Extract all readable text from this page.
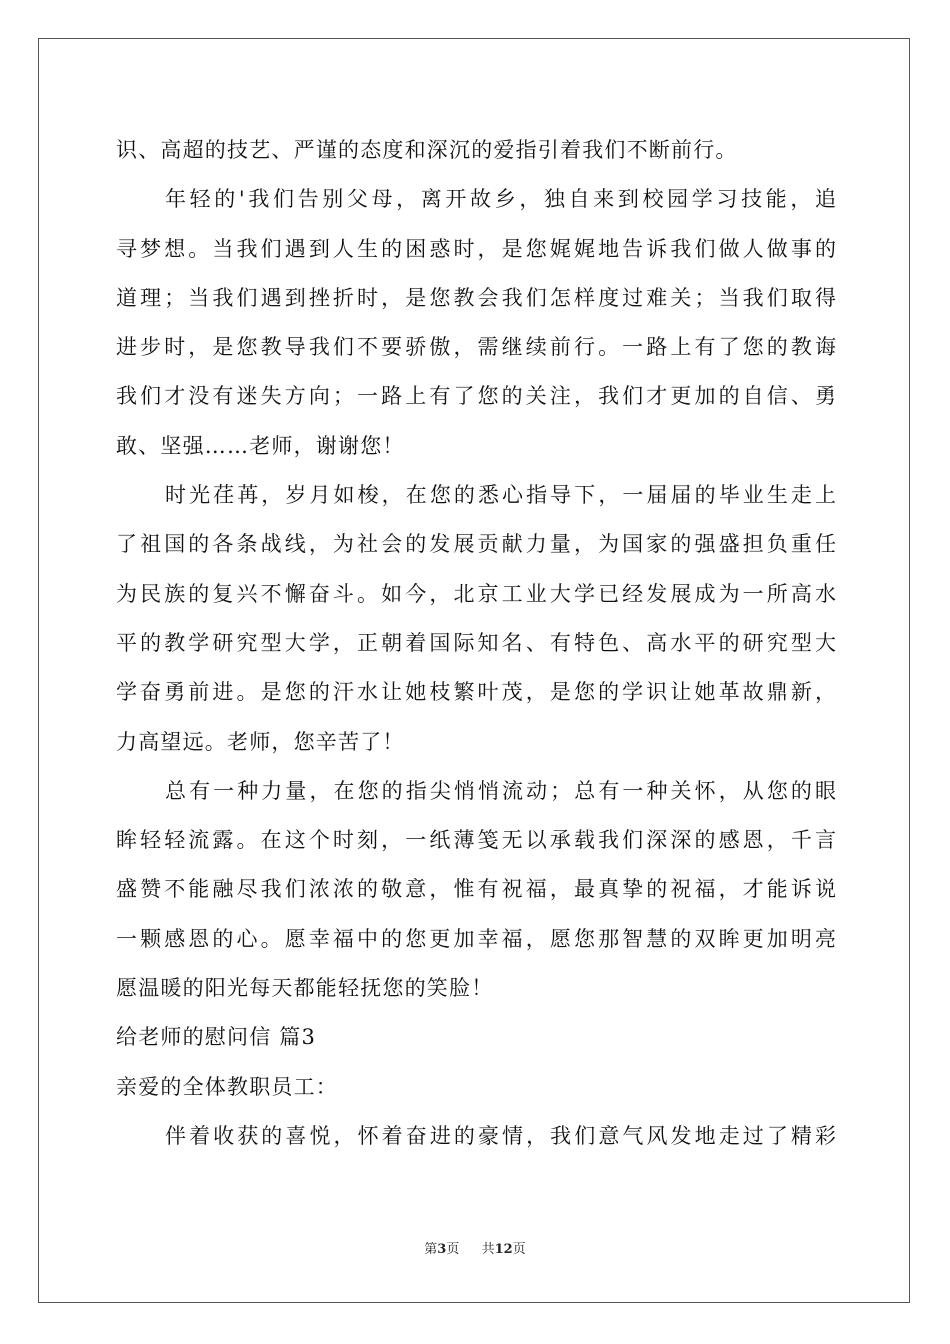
识、高超的技艺、严谨的态度和深沉的爱指引着我们不断前行。
年轻的'我们告别父母，离开故乡，独自来到校园学习技能，追
寻梦想。当我们遇到人生的困惑时，是您娓娓地告诉我们做人做事的
道理；当我们遇到挫折时，是您教会我们怎样度过难关；当我们取得
进步时，是您教导我们不要骄傲，需继续前行。一路上有了您的教诲
我们才没有迷失方向；一路上有了您的关注，我们才更加的自信、勇
敢、坚强……老师，谢谢您！
时光荏苒，岁月如梭，在您的悉心指导下，一届届的毕业生走上
了祖国的各条战线，为社会的发展贡献力量，为国家的强盛担负重任
为民族的复兴不懈奋斗。如今，北京工业大学已经发展成为一所高水
平的教学研究型大学，正朝着国际知名、有特色、高水平的研究型大
学奋勇前进。是您的汗水让她枝繁叶茂，是您的学识让她革故鼎新，
力高望远。老师，您辛苦了！
总有一种力量，在您的指尖悄悄流动；总有一种关怀，从您的眼
眸轻轻流露。在这个时刻，一纸薄笺无以承载我们深深的感恩，千言
盛赞不能融尽我们浓浓的敬意，惟有祝福，最真挚的祝福，才能诉说
一颗感恩的心。愿幸福中的您更加幸福，愿您那智慧的双眸更加明亮
愿温暖的阳光每天都能轻抚您的笑脸！
给老师的慰问信 篇3
亲爱的全体教职员工：
伴着收获的喜悦，怀着奋进的豪情，我们意气风发地走过了精彩
第3页 共12页
